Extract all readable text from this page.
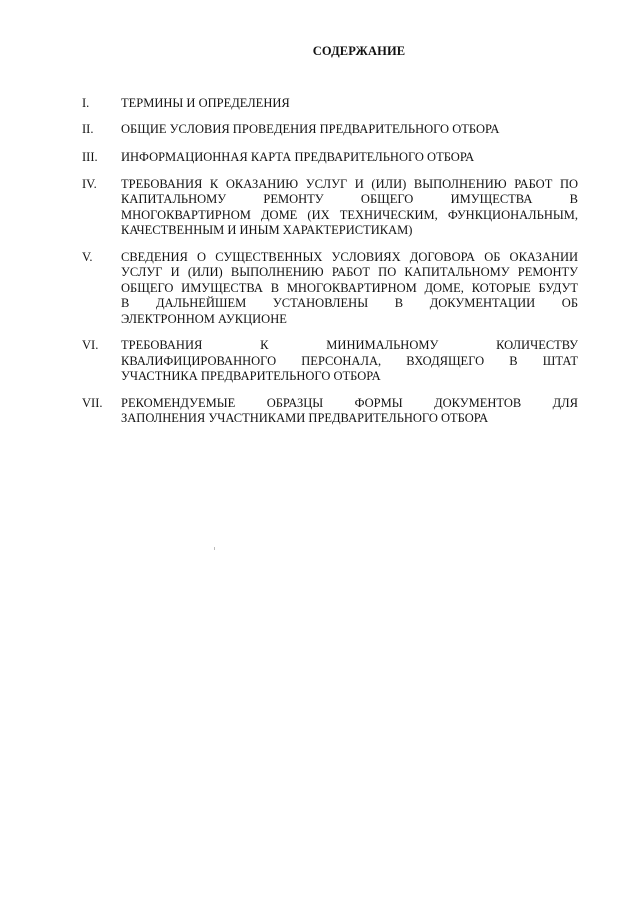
СОДЕРЖАНИЕ
I.	ТЕРМИНЫ И ОПРЕДЕЛЕНИЯ
II.	ОБЩИЕ УСЛОВИЯ ПРОВЕДЕНИЯ ПРЕДВАРИТЕЛЬНОГО ОТБОРА
III.	ИНФОРМАЦИОННАЯ КАРТА ПРЕДВАРИТЕЛЬНОГО ОТБОРА
IV.	ТРЕБОВАНИЯ К ОКАЗАНИЮ УСЛУГ И (ИЛИ) ВЫПОЛНЕНИЮ РАБОТ ПО
КАПИТАЛЬНОМУ РЕМОНТУ ОБЩЕГО ИМУЩЕСТВА В
МНОГОКВАРТИРНОМ ДОМЕ (ИХ ТЕХНИЧЕСКИМ, ФУНКЦИОНАЛЬНЫМ,
КАЧЕСТВЕННЫМ И ИНЫМ ХАРАКТЕРИСТИКАМ)
V.	СВЕДЕНИЯ О СУЩЕСТВЕННЫХ УСЛОВИЯХ ДОГОВОРА ОБ ОКАЗАНИИ
УСЛУГ И (ИЛИ) ВЫПОЛНЕНИЮ РАБОТ ПО КАПИТАЛЬНОМУ РЕМОНТУ
ОБЩЕГО ИМУЩЕСТВА В МНОГОКВАРТИРНОМ ДОМЕ, КОТОРЫЕ БУДУТ
В ДАЛЬНЕЙШЕМ УСТАНОВЛЕНЫ В ДОКУМЕНТАЦИИ ОБ
ЭЛЕКТРОННОМ АУКЦИОНЕ
VI.	ТРЕБОВАНИЯ К МИНИМАЛЬНОМУ КОЛИЧЕСТВУ
КВАЛИФИЦИРОВАННОГО ПЕРСОНАЛА, ВХОДЯЩЕГО В ШТАТ
УЧАСТНИКА ПРЕДВАРИТЕЛЬНОГО ОТБОРА
VII.	РЕКОМЕНДУЕМЫЕ ОБРАЗЦЫ ФОРМЫ ДОКУМЕНТОВ ДЛЯ
ЗАПОЛНЕНИЯ УЧАСТНИКАМИ ПРЕДВАРИТЕЛЬНОГО ОТБОРА
